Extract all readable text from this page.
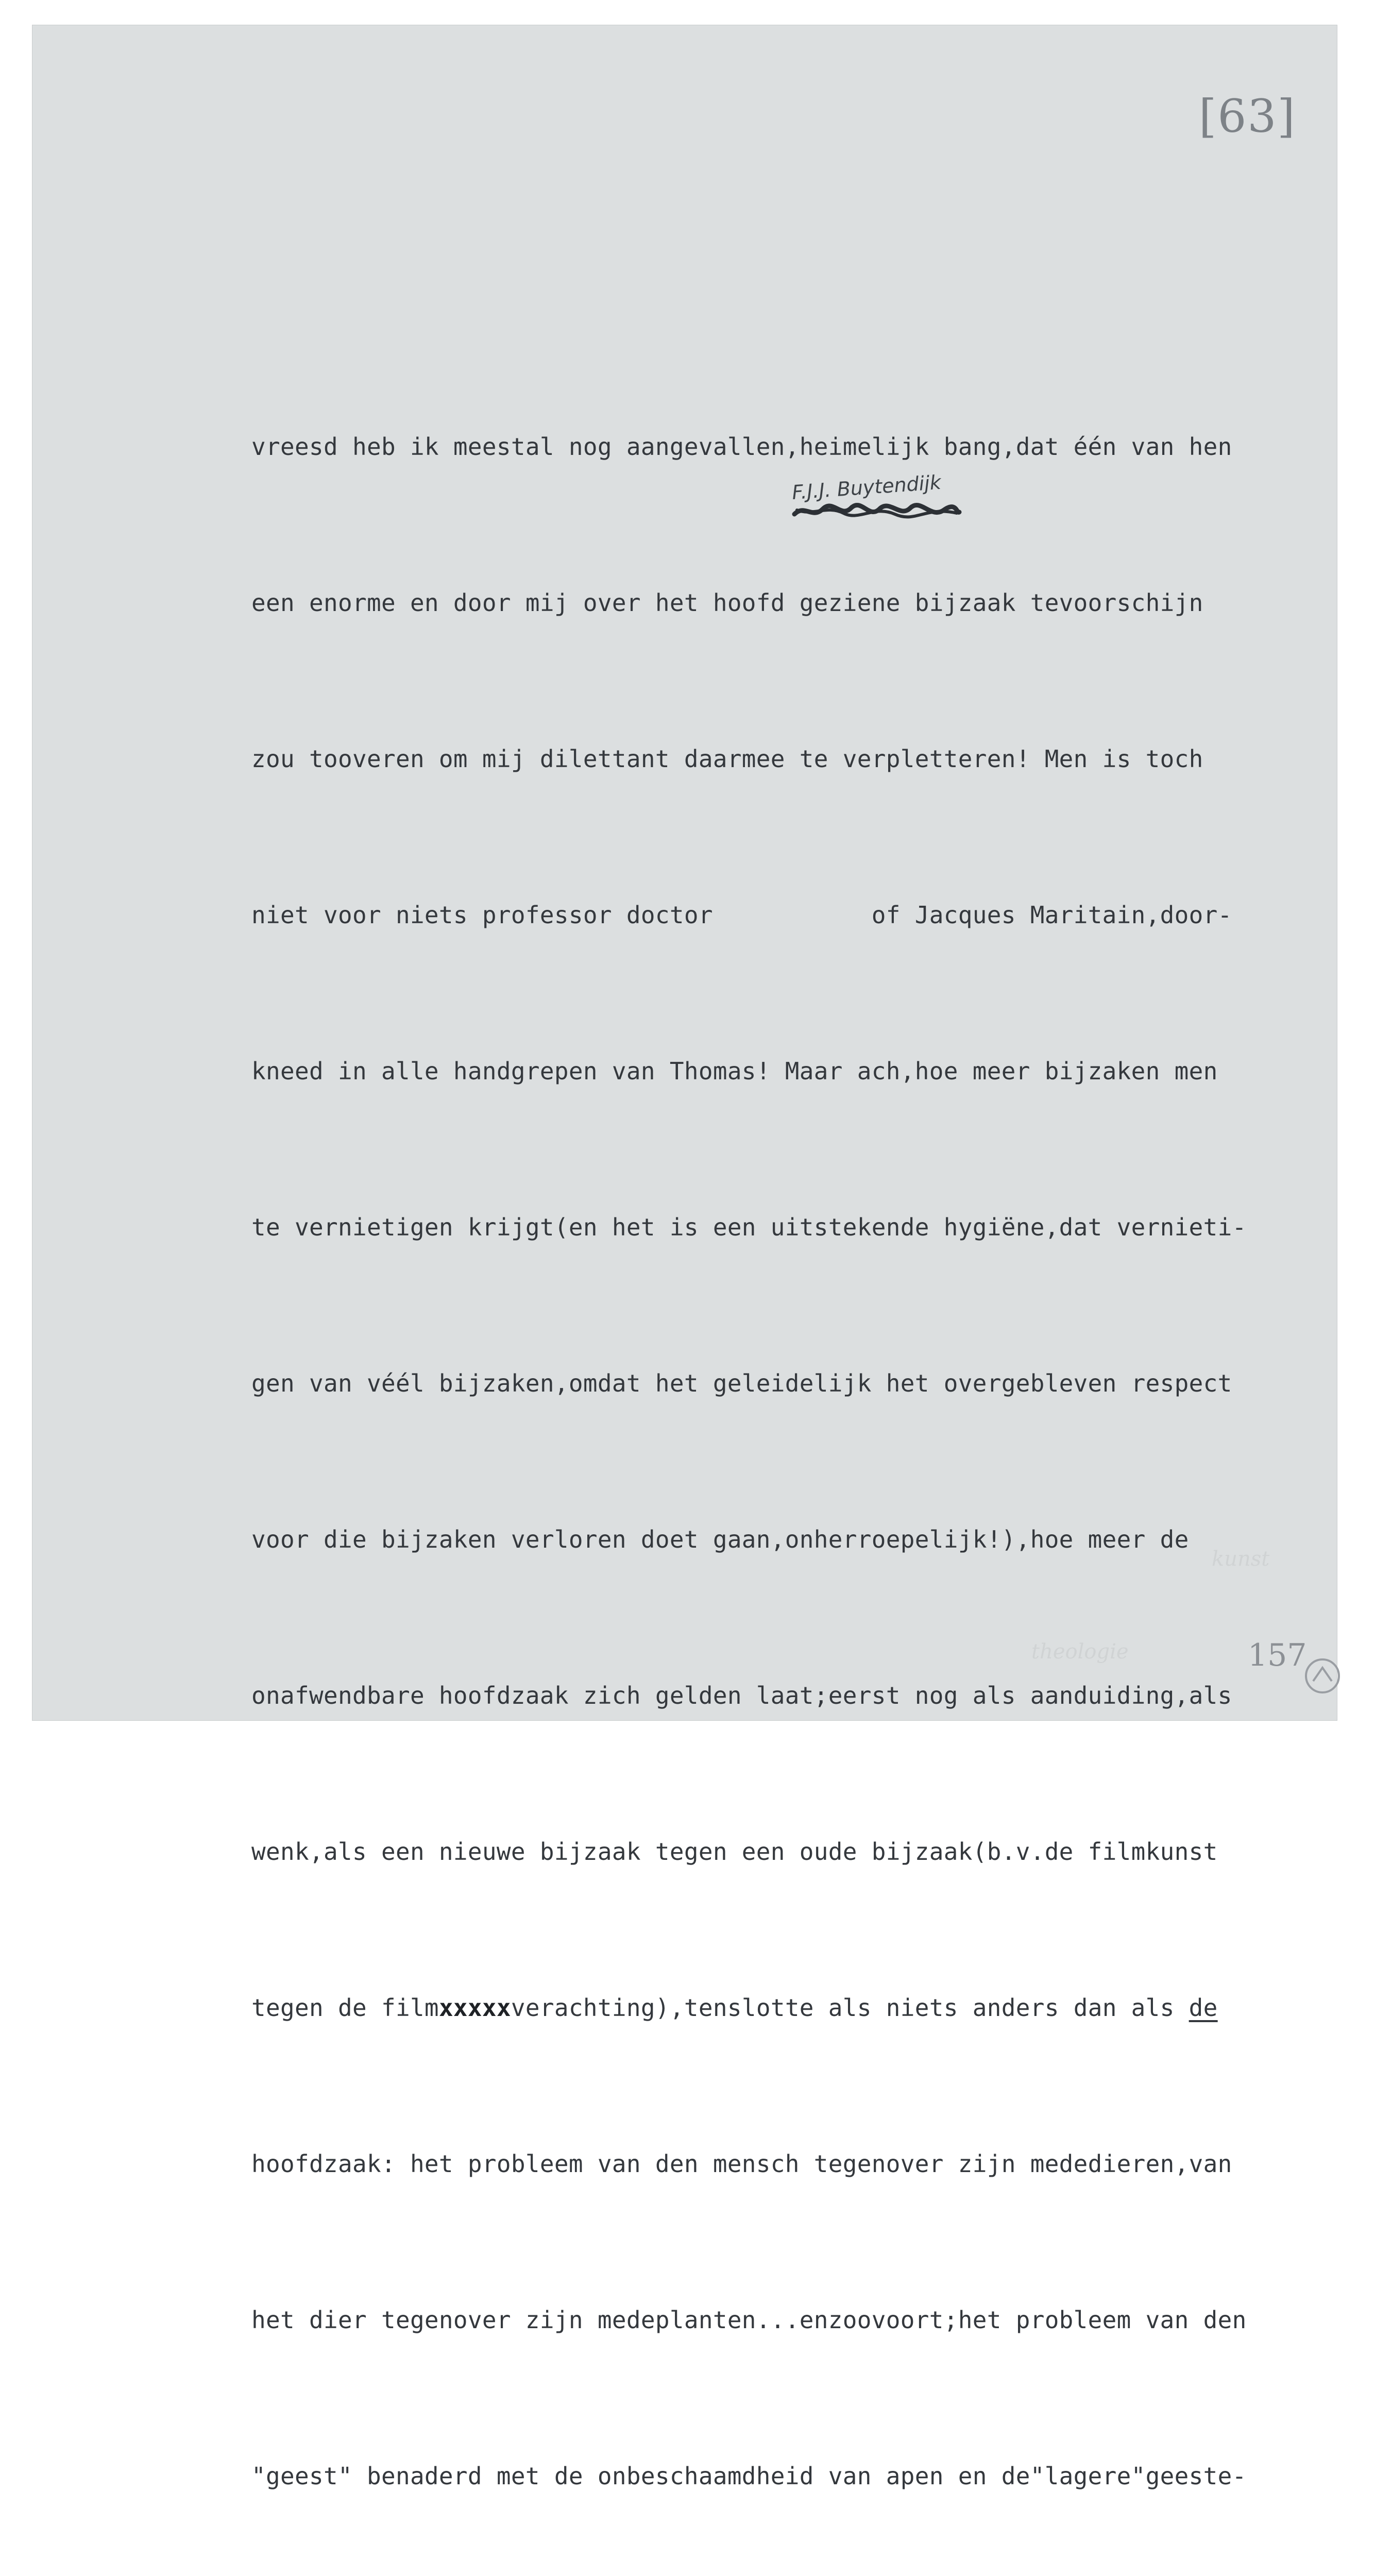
[63]
F.J.J. Buytendijk
157
kunst
theologie

vreesd heb ik meestal nog aangevallen,heimelijk bang,dat één van hen

een enorme en door mij over het hoofd geziene bijzaak tevoorschijn

zou tooveren om mij dilettant daarmee te verpletteren! Men is toch

niet voor niets professor doctor	of Jacques Maritain,door-

kneed in alle handgrepen van Thomas! Maar ach,hoe meer bijzaken men

te vernietigen krijgt(en het is een uitstekende hygiëne,dat vernieti-

gen van véél bijzaken,omdat het geleidelijk het overgebleven respect

voor die bijzaken verloren doet gaan,onherroepelijk!),hoe meer de

onafwendbare hoofdzaak zich gelden laat;eerst nog als aanduiding,als

wenk,als een nieuwe bijzaak tegen een oude bijzaak(b.v.de filmkunst

tegen de filmxxxxxverachting),tenslotte als niets anders dan als de

hoofdzaak: het probleem van den mensch tegenover zijn mededieren,van

het dier tegenover zijn medeplanten...enzoovoort;het probleem van den

"geest" benaderd met de onbeschaamdheid van apen en de"lagere"geeste-
